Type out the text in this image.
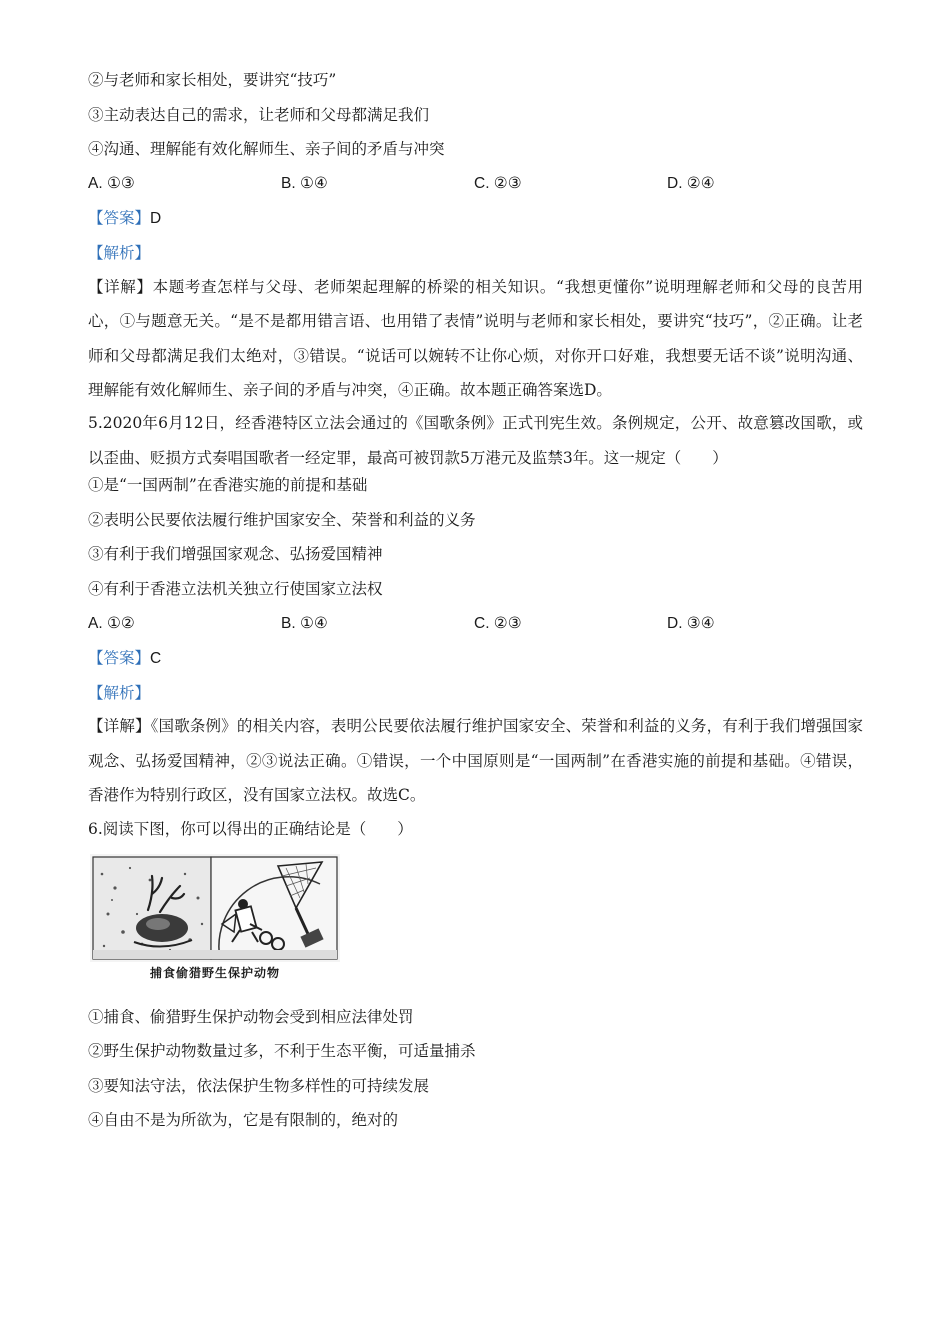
②与老师和家长相处，要讲究“技巧”
③主动表达自己的需求，让老师和父母都满足我们
④沟通、理解能有效化解师生、亲子间的矛盾与冲突
A. ①③	B. ①④	C. ②③	D. ②④
【答案】D
【解析】

【详解】本题考查怎样与父母、老师架起理解的桥梁的相关知识。“我想更懂你”说明理解老师和父母的良苦用心，①与题意无关。“是不是都用错言语、也用错了表情”说明与老师和家长相处，要讲究“技巧”，②正确。让老师和父母都满足我们太绝对，③错误。“说话可以婉转不让你心烦，对你开口好难，我想要无话不谈”说明沟通、理解能有效化解师生、亲子间的矛盾与冲突，④正确。故本题正确答案选D。

5.2020年6月12日，经香港特区立法会通过的《国歌条例》正式刊宪生效。条例规定，公开、故意篡改国歌，或以歪曲、贬损方式奏唱国歌者一经定罪，最高可被罚款5万港元及监禁3年。这一规定（　　）

①是“一国两制”在香港实施的前提和基础
②表明公民要依法履行维护国家安全、荣誉和利益的义务
③有利于我们增强国家观念、弘扬爱国精神
④有利于香港立法机关独立行使国家立法权
A. ①②	B. ①④	C. ②③	D. ③④
【答案】C
【解析】

【详解】《国歌条例》的相关内容，表明公民要依法履行维护国家安全、荣誉和利益的义务，有利于我们增强国家观念、弘扬爱国精神，②③说法正确。①错误，一个中国原则是“一国两制”在香港实施的前提和基础。④错误，香港作为特别行政区，没有国家立法权。故选C。

6.阅读下图，你可以得出的正确结论是（　　）
捕食偷猎野生保护动物
①捕食、偷猎野生保护动物会受到相应法律处罚
②野生保护动物数量过多，不利于生态平衡，可适量捕杀
③要知法守法，依法保护生物多样性的可持续发展
④自由不是为所欲为，它是有限制的，绝对的
